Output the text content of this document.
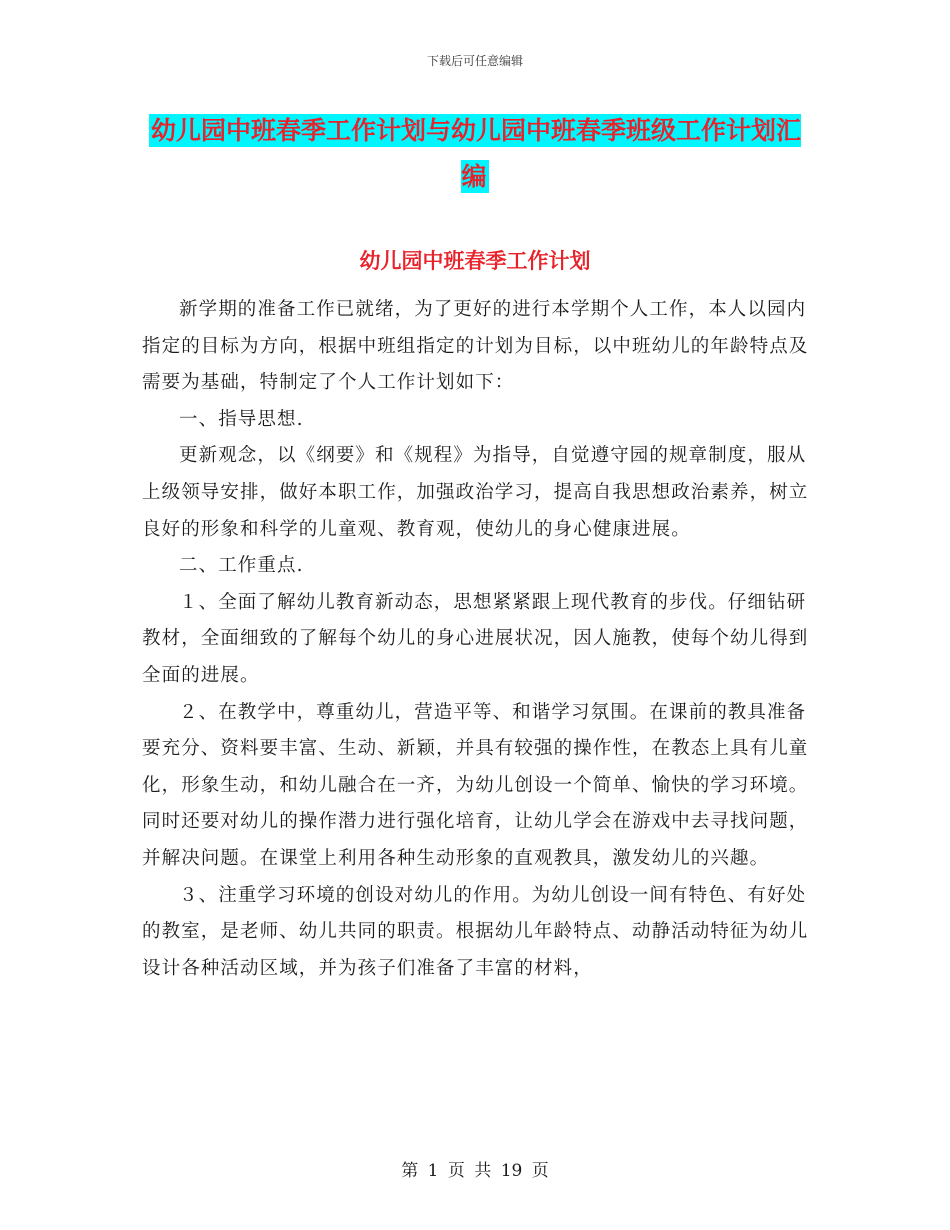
下载后可任意编辑
幼儿园中班春季工作计划与幼儿园中班春季班级工作计划汇编
幼儿园中班春季工作计划

新学期的准备工作已就绪，为了更好的进行本学期个人工作，本人以园内指定的目标为方向，根据中班组指定的计划为目标，以中班幼儿的年龄特点及需要为基础，特制定了个人工作计划如下：

一、指导思想.

更新观念，以《纲要》和《规程》为指导，自觉遵守园的规章制度，服从上级领导安排，做好本职工作，加强政治学习，提高自我思想政治素养，树立良好的形象和科学的儿童观、教育观，使幼儿的身心健康进展。

二、工作重点.

１、全面了解幼儿教育新动态，思想紧紧跟上现代教育的步伐。仔细钻研教材，全面细致的了解每个幼儿的身心进展状况，因人施教，使每个幼儿得到全面的进展。

２、在教学中，尊重幼儿，营造平等、和谐学习氛围。在课前的教具准备要充分、资料要丰富、生动、新颖，并具有较强的操作性，在教态上具有儿童化，形象生动，和幼儿融合在一齐，为幼儿创设一个简单、愉快的学习环境。同时还要对幼儿的操作潜力进行强化培育，让幼儿学会在游戏中去寻找问题，并解决问题。在课堂上利用各种生动形象的直观教具，激发幼儿的兴趣。

３、注重学习环境的创设对幼儿的作用。为幼儿创设一间有特色、有好处的教室，是老师、幼儿共同的职责。根据幼儿年龄特点、动静活动特征为幼儿设计各种活动区域，并为孩子们准备了丰富的材料，

第 1 页 共 19 页
